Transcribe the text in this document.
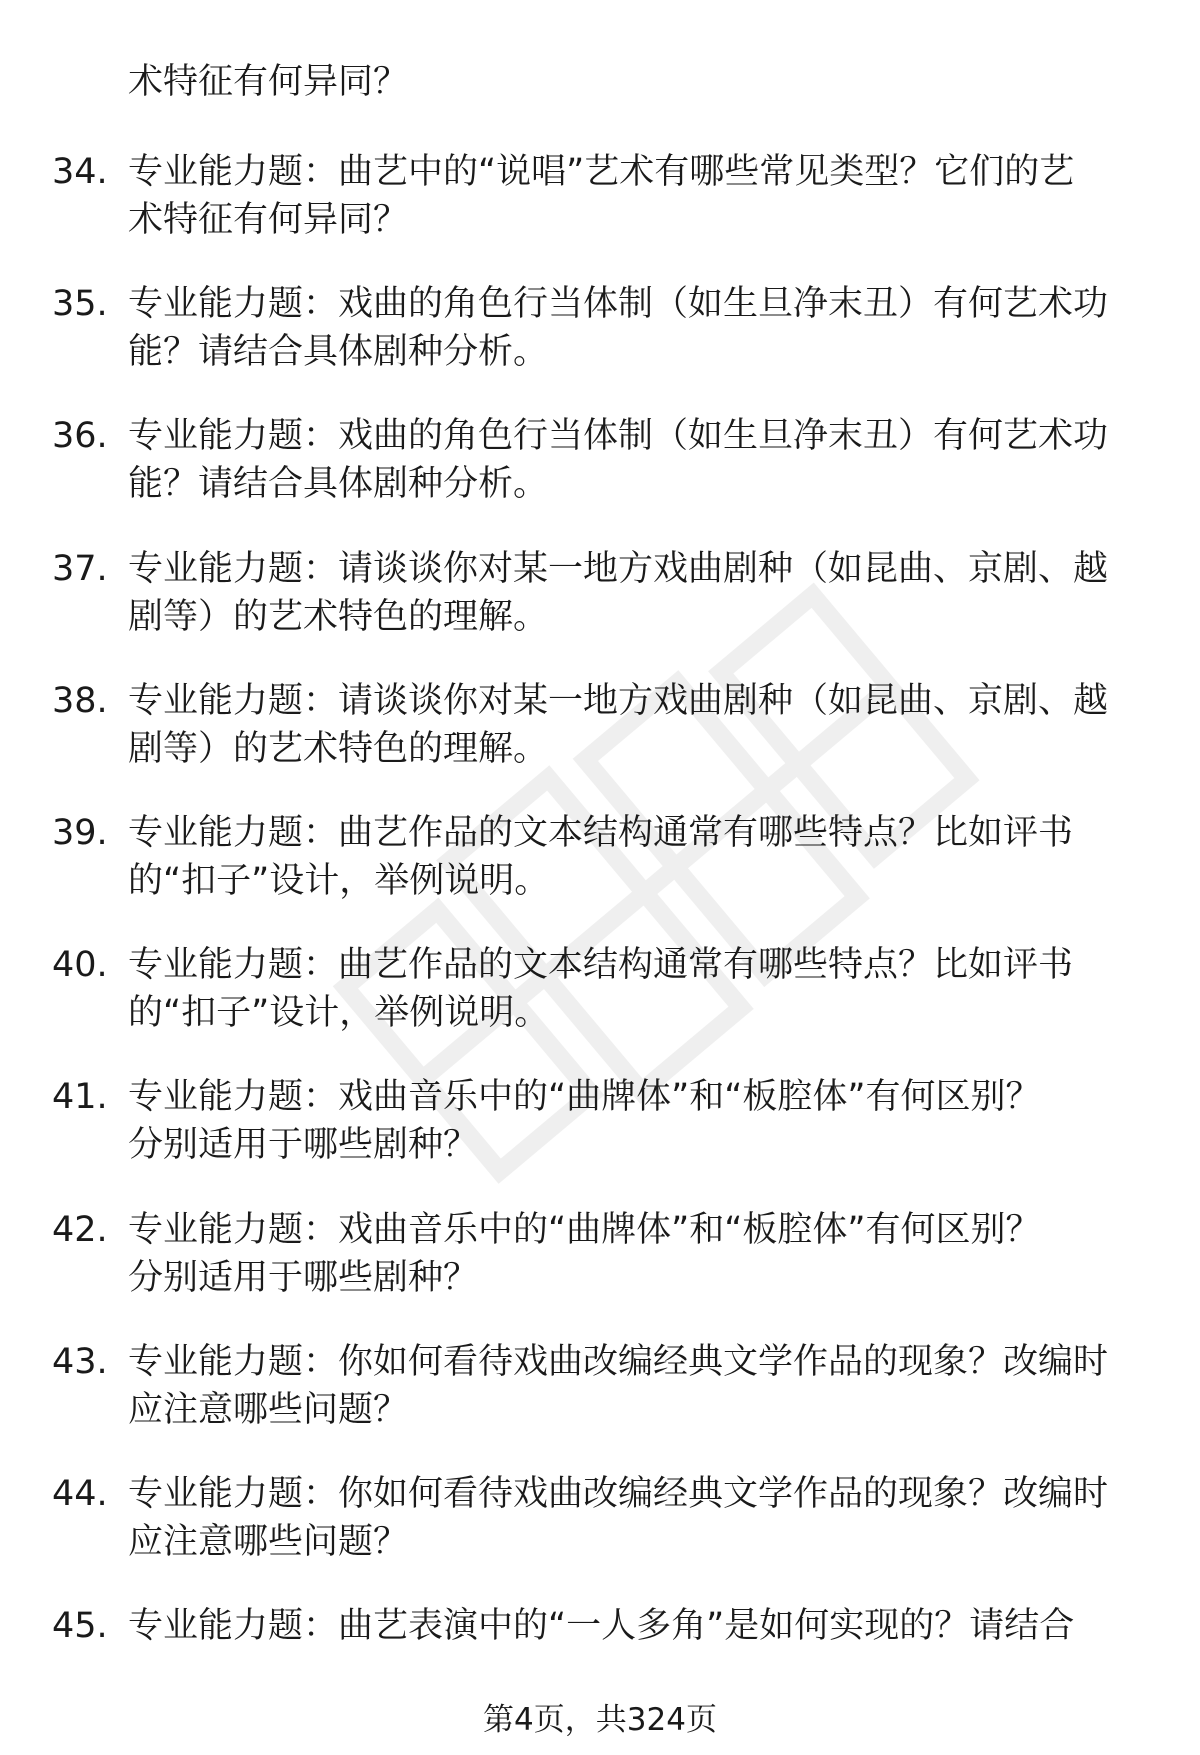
术特征有何异同？
34. 专业能力题：曲艺中的“说唱”艺术有哪些常见类型？它们的艺
术特征有何异同？
35. 专业能力题：戏曲的角色行当体制（如生旦净末丑）有何艺术功
能？请结合具体剧种分析。
36. 专业能力题：戏曲的角色行当体制（如生旦净末丑）有何艺术功
能？请结合具体剧种分析。
37. 专业能力题：请谈谈你对某一地方戏曲剧种（如昆曲、京剧、越
剧等）的艺术特色的理解。
38. 专业能力题：请谈谈你对某一地方戏曲剧种（如昆曲、京剧、越
剧等）的艺术特色的理解。
39. 专业能力题：曲艺作品的文本结构通常有哪些特点？比如评书
的“扣子”设计，举例说明。
40. 专业能力题：曲艺作品的文本结构通常有哪些特点？比如评书
的“扣子”设计，举例说明。
41. 专业能力题：戏曲音乐中的“曲牌体”和“板腔体”有何区别？
分别适用于哪些剧种？
42. 专业能力题：戏曲音乐中的“曲牌体”和“板腔体”有何区别？
分别适用于哪些剧种？
43. 专业能力题：你如何看待戏曲改编经典文学作品的现象？改编时
应注意哪些问题？
44. 专业能力题：你如何看待戏曲改编经典文学作品的现象？改编时
应注意哪些问题？
45. 专业能力题：曲艺表演中的“一人多角”是如何实现的？请结合
第4页，共324页
